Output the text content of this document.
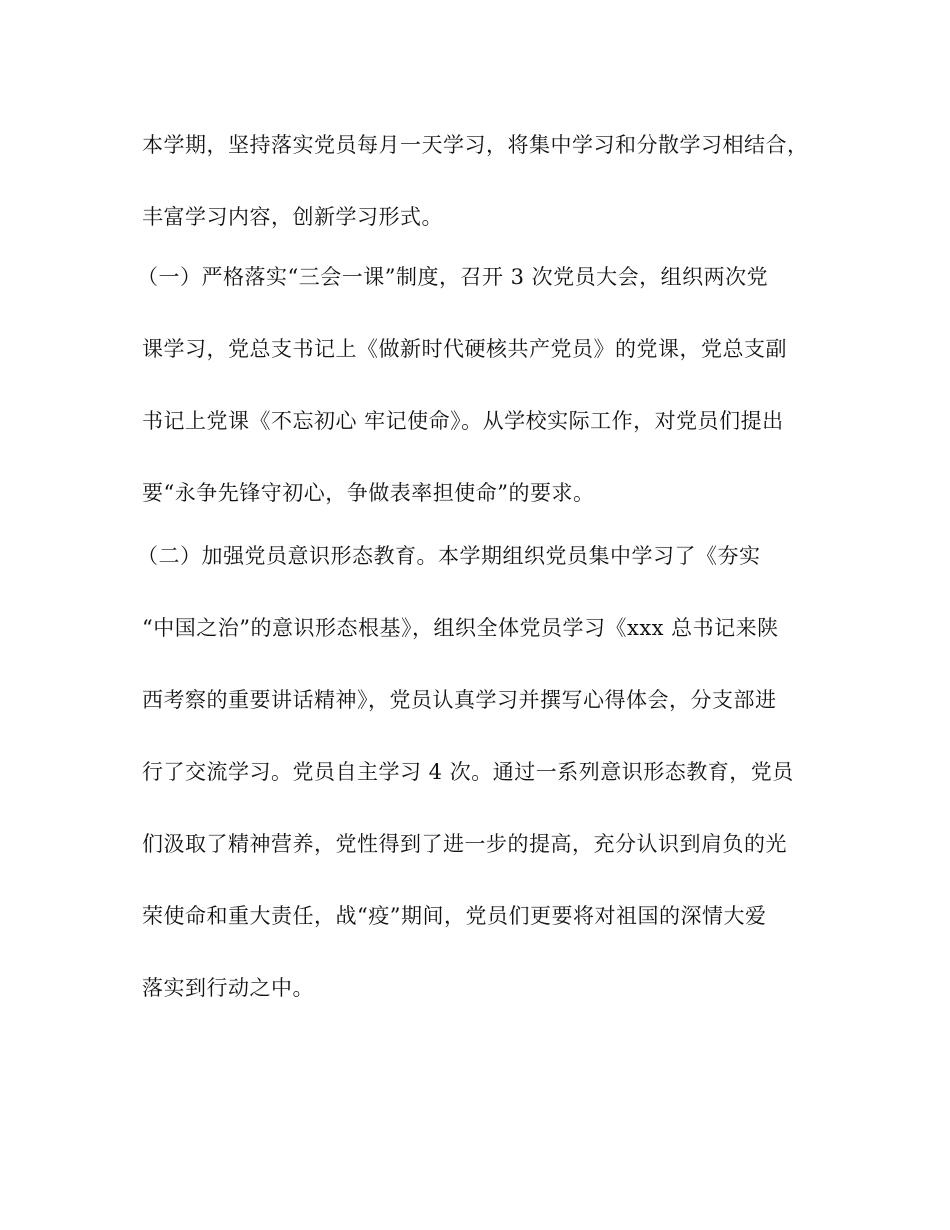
本学期，坚持落实党员每月一天学习，将集中学习和分散学习相结合，
丰富学习内容，创新学习形式。
（一）严格落实“三会一课”制度，召开 3 次党员大会，组织两次党
课学习，党总支书记上《做新时代硬核共产党员》的党课，党总支副
书记上党课《不忘初心 牢记使命》。从学校实际工作，对党员们提出
要“永争先锋守初心，争做表率担使命”的要求。
（二）加强党员意识形态教育。本学期组织党员集中学习了《夯实
“中国之治”的意识形态根基》，组织全体党员学习《xxx 总书记来陕
西考察的重要讲话精神》，党员认真学习并撰写心得体会，分支部进
行了交流学习。党员自主学习 4 次。通过一系列意识形态教育，党员
们汲取了精神营养，党性得到了进一步的提高，充分认识到肩负的光
荣使命和重大责任，战“疫”期间，党员们更要将对祖国的深情大爱
落实到行动之中。
